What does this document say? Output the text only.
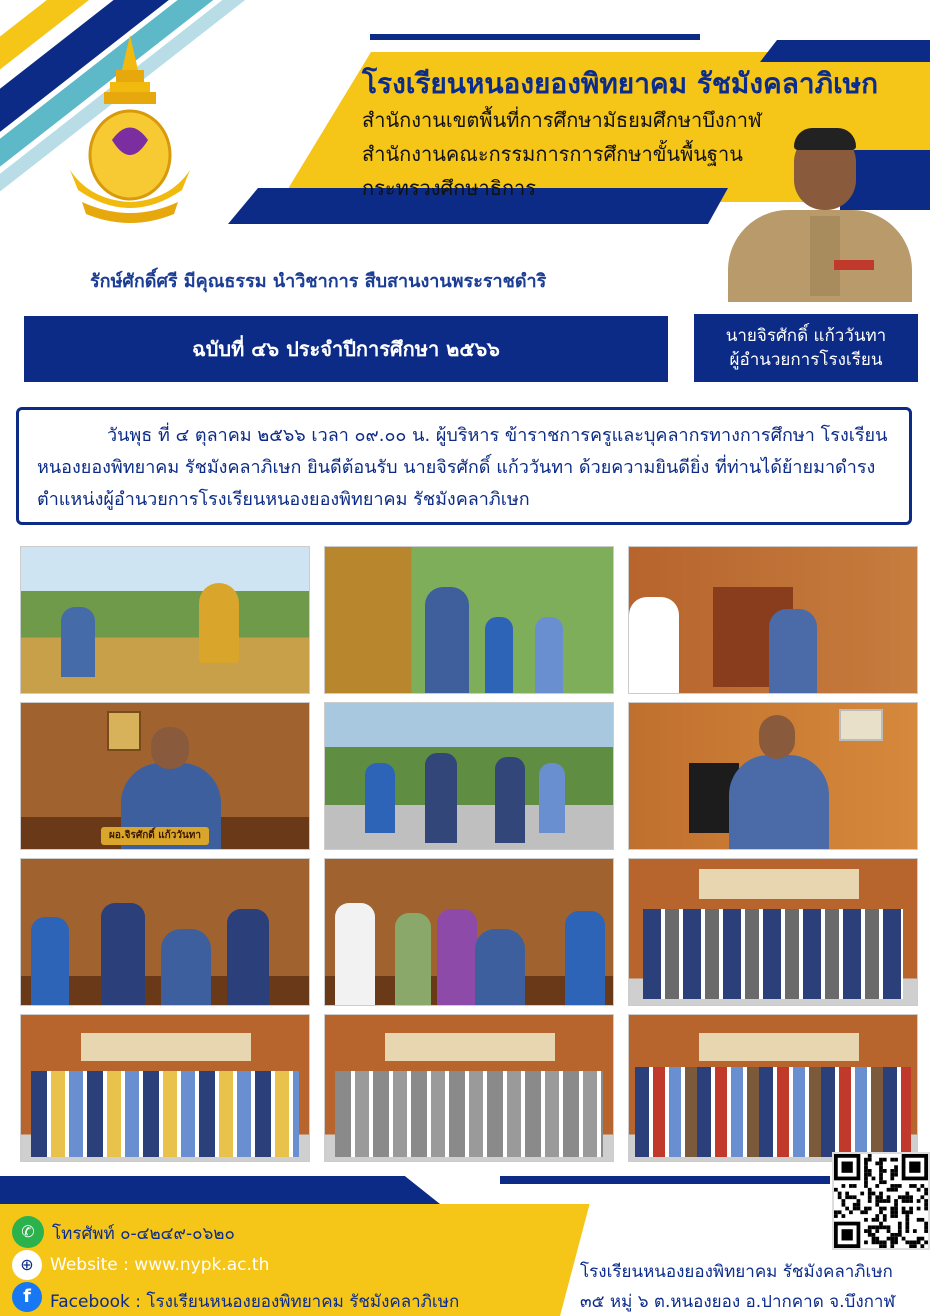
โรงเรียนหนองยองพิทยาคม รัชมังคลาภิเษก
สำนักงานเขตพื้นที่การศึกษามัธยมศึกษาบึงกาฬ
สำนักงานคณะกรรมการการศึกษาขั้นพื้นฐาน
กระทรวงศึกษาธิการ
รักษ์ศักดิ์ศรี มีคุณธรรม นำวิชาการ สืบสานงานพระราชดำริ
ฉบับที่ ๔๖ ประจำปีการศึกษา ๒๕๖๖
นายจิรศักดิ์ แก้ววันทา
ผู้อำนวยการโรงเรียน

วันพุธ ที่ ๔ ตุลาคม ๒๕๖๖ เวลา ๐๙.๐๐ น. ผู้บริหาร ข้าราชการครูและบุคลากรทางการศึกษา โรงเรียนหนองยองพิทยาคม รัชมังคลาภิเษก ยินดีต้อนรับ นายจิรศักดิ์ แก้ววันทา ด้วยความยินดียิ่ง ที่ท่านได้ย้ายมาดำรงตำแหน่งผู้อำนวยการโรงเรียนหนองยองพิทยาคม รัชมังคลาภิเษก

ผอ.จิรศักดิ์ แก้ววันทา
✆	โทรศัพท์ ๐-๔๒๔๙-๐๖๒๐
⊕ Website : www.nypk.ac.th
f	Facebook : โรงเรียนหนองยองพิทยาคม รัชมังคลาภิเษก
โรงเรียนหนองยองพิทยาคม รัชมังคลาภิเษก
๓๕ หมู่ ๖ ต.หนองยอง อ.ปากคาด จ.บึงกาฬ
